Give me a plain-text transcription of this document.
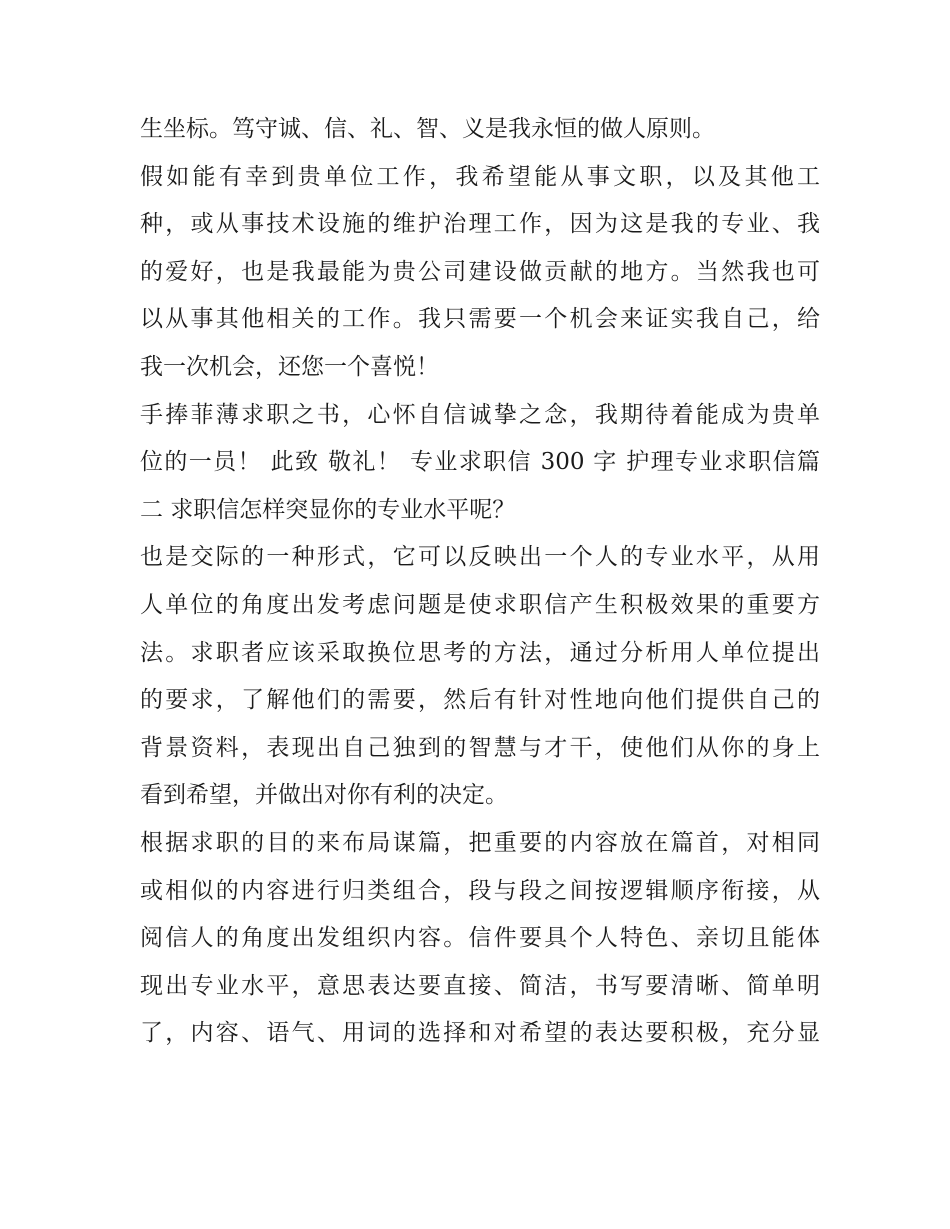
生坐标。笃守诚、信、礼、智、义是我永恒的做人原则。
假如能有幸到贵单位工作，我希望能从事文职，以及其他工
种，或从事技术设施的维护治理工作，因为这是我的专业、我
的爱好，也是我最能为贵公司建设做贡献的地方。当然我也可
以从事其他相关的工作。我只需要一个机会来证实我自己，给
我一次机会，还您一个喜悦！
手捧菲薄求职之书，心怀自信诚挚之念，我期待着能成为贵单
位的一员！ 此致 敬礼！ 专业求职信 300 字 护理专业求职信篇
二 求职信怎样突显你的专业水平呢？
也是交际的一种形式，它可以反映出一个人的专业水平，从用
人单位的角度出发考虑问题是使求职信产生积极效果的重要方
法。求职者应该采取换位思考的方法，通过分析用人单位提出
的要求，了解他们的需要，然后有针对性地向他们提供自己的
背景资料，表现出自己独到的智慧与才干，使他们从你的身上
看到希望，并做出对你有利的决定。
根据求职的目的来布局谋篇，把重要的内容放在篇首，对相同
或相似的内容进行归类组合，段与段之间按逻辑顺序衔接，从
阅信人的角度出发组织内容。信件要具个人特色、亲切且能体
现出专业水平，意思表达要直接、简洁，书写要清晰、简单明
了，内容、语气、用词的选择和对希望的表达要积极，充分显
